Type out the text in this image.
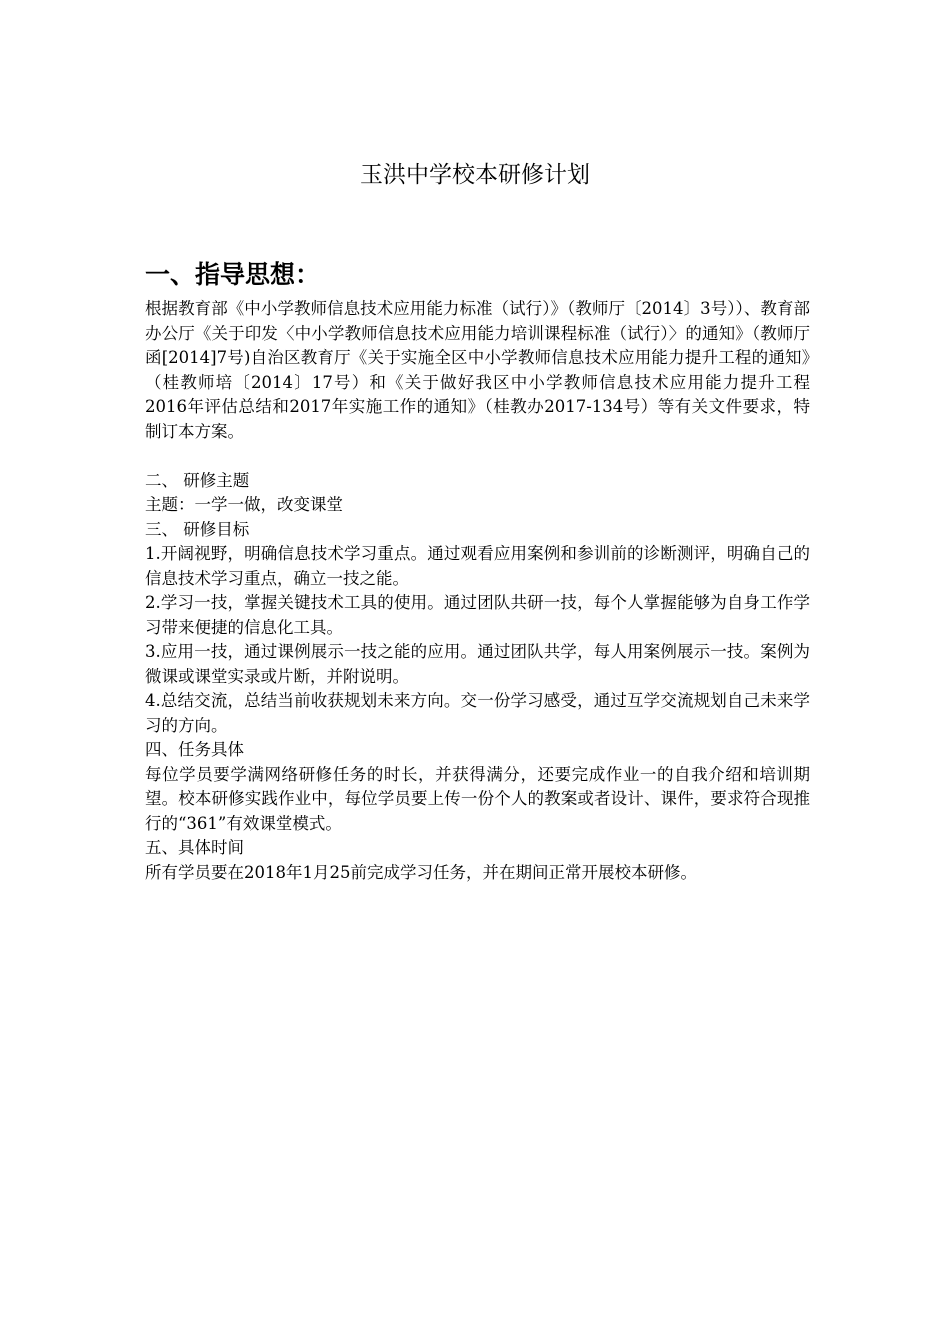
玉洪中学校本研修计划
一、指导思想：

根据教育部《中小学教师信息技术应用能力标准（试行）》（教师厅〔2014〕3号））、教育部办公厅《关于印发〈中小学教师信息技术应用能力培训课程标准（试行）〉的通知》（教师厅函[2014]7号)自治区教育厅《关于实施全区中小学教师信息技术应用能力提升工程的通知》（桂教师培〔2014〕17号）和《关于做好我区中小学教师信息技术应用能力提升工程2016年评估总结和2017年实施工作的通知》（桂教办2017-134号）等有关文件要求，特制订本方案。

二、 研修主题

主题：一学一做，改变课堂

三、 研修目标

1.开阔视野，明确信息技术学习重点。通过观看应用案例和参训前的诊断测评，明确自己的信息技术学习重点，确立一技之能。

2.学习一技，掌握关键技术工具的使用。通过团队共研一技，每个人掌握能够为自身工作学习带来便捷的信息化工具。

3.应用一技，通过课例展示一技之能的应用。通过团队共学，每人用案例展示一技。案例为微课或课堂实录或片断，并附说明。

4.总结交流，总结当前收获规划未来方向。交一份学习感受，通过互学交流规划自己未来学习的方向。

四、任务具体

每位学员要学满网络研修任务的时长，并获得满分，还要完成作业一的自我介绍和培训期望。校本研修实践作业中，每位学员要上传一份个人的教案或者设计、课件，要求符合现推行的“361”有效课堂模式。

五、具体时间

所有学员要在2018年1月25前完成学习任务，并在期间正常开展校本研修。
